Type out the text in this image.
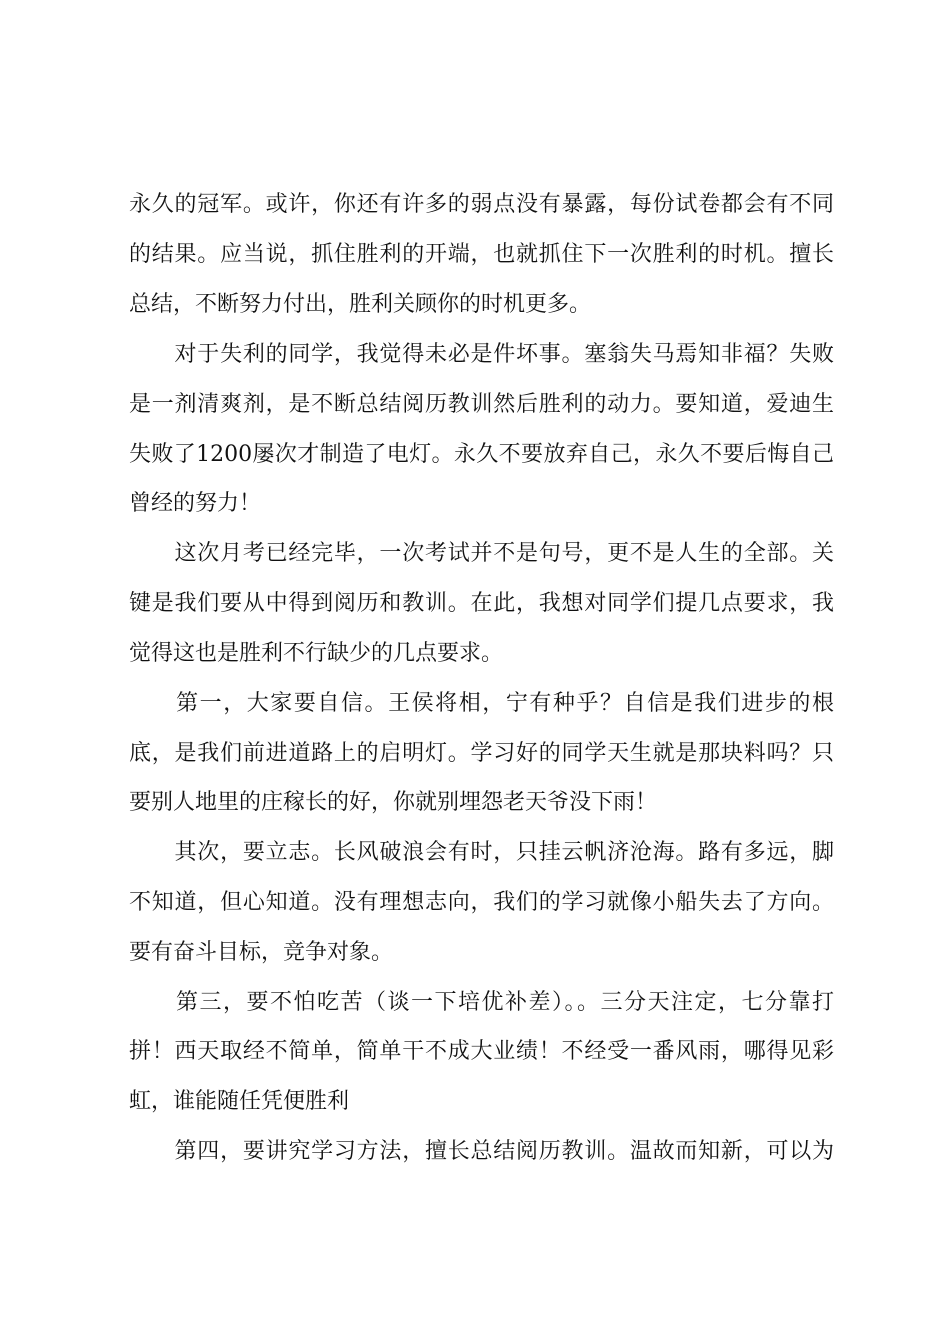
永久的冠军。或许，你还有许多的弱点没有暴露，每份试卷都会有不同
的结果。应当说，抓住胜利的开端，也就抓住下一次胜利的时机。擅长
总结，不断努力付出，胜利关顾你的时机更多。
　　对于失利的同学，我觉得未必是件坏事。塞翁失马焉知非福？失败
是一剂清爽剂，是不断总结阅历教训然后胜利的动力。要知道，爱迪生
失败了1200屡次才制造了电灯。永久不要放弃自己，永久不要后悔自己
曾经的努力！
　　这次月考已经完毕，一次考试并不是句号，更不是人生的全部。关
键是我们要从中得到阅历和教训。在此，我想对同学们提几点要求，我
觉得这也是胜利不行缺少的几点要求。
　　第一，大家要自信。王侯将相，宁有种乎？自信是我们进步的根
底，是我们前进道路上的启明灯。学习好的同学天生就是那块料吗？只
要别人地里的庄稼长的好，你就别埋怨老天爷没下雨！
　　其次，要立志。长风破浪会有时，只挂云帆济沧海。路有多远，脚
不知道，但心知道。没有理想志向，我们的学习就像小船失去了方向。
要有奋斗目标，竞争对象。
　　第三，要不怕吃苦（谈一下培优补差）。。三分天注定，七分靠打
拼！西天取经不简单，简单干不成大业绩！不经受一番风雨，哪得见彩
虹，谁能随任凭便胜利
　　第四，要讲究学习方法，擅长总结阅历教训。温故而知新，可以为
